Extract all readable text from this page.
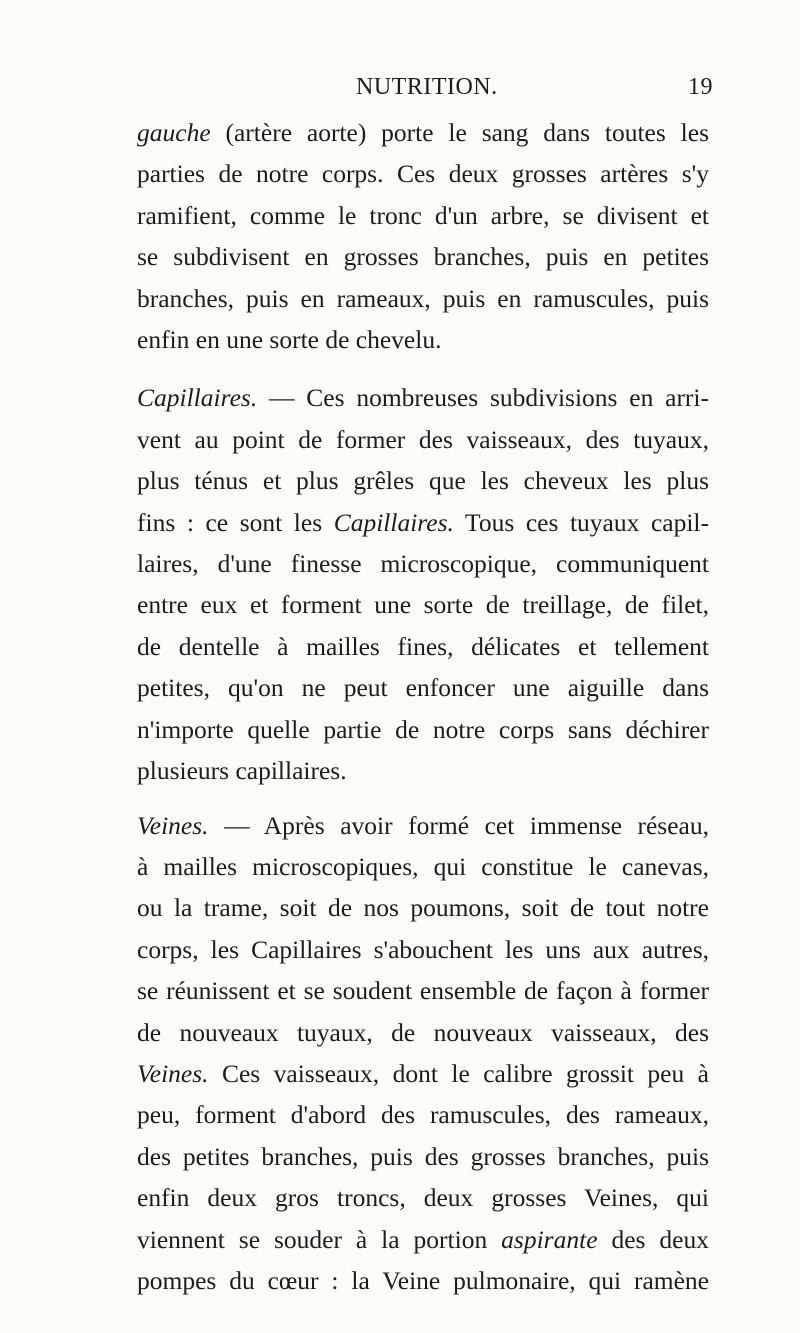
NUTRITION.	19
gauche (artère aorte) porte le sang dans toutes les
parties de notre corps. Ces deux grosses artères s'y
ramifient, comme le tronc d'un arbre, se divisent et
se subdivisent en grosses branches, puis en petites
branches, puis en rameaux, puis en ramuscules, puis
enfin en une sorte de chevelu.
Capillaires. — Ces nombreuses subdivisions en arri-
vent au point de former des vaisseaux, des tuyaux,
plus ténus et plus grêles que les cheveux les plus
fins : ce sont les Capillaires. Tous ces tuyaux capil-
laires, d'une finesse microscopique, communiquent
entre eux et forment une sorte de treillage, de filet,
de dentelle à mailles fines, délicates et tellement
petites, qu'on ne peut enfoncer une aiguille dans
n'importe quelle partie de notre corps sans déchirer
plusieurs capillaires.
Veines. — Après avoir formé cet immense réseau,
à mailles microscopiques, qui constitue le canevas,
ou la trame, soit de nos poumons, soit de tout notre
corps, les Capillaires s'abouchent les uns aux autres,
se réunissent et se soudent ensemble de façon à former
de nouveaux tuyaux, de nouveaux vaisseaux, des
Veines. Ces vaisseaux, dont le calibre grossit peu à
peu, forment d'abord des ramuscules, des rameaux,
des petites branches, puis des grosses branches, puis
enfin deux gros troncs, deux grosses Veines, qui
viennent se souder à la portion aspirante des deux
pompes du cœur : la Veine pulmonaire, qui ramène
